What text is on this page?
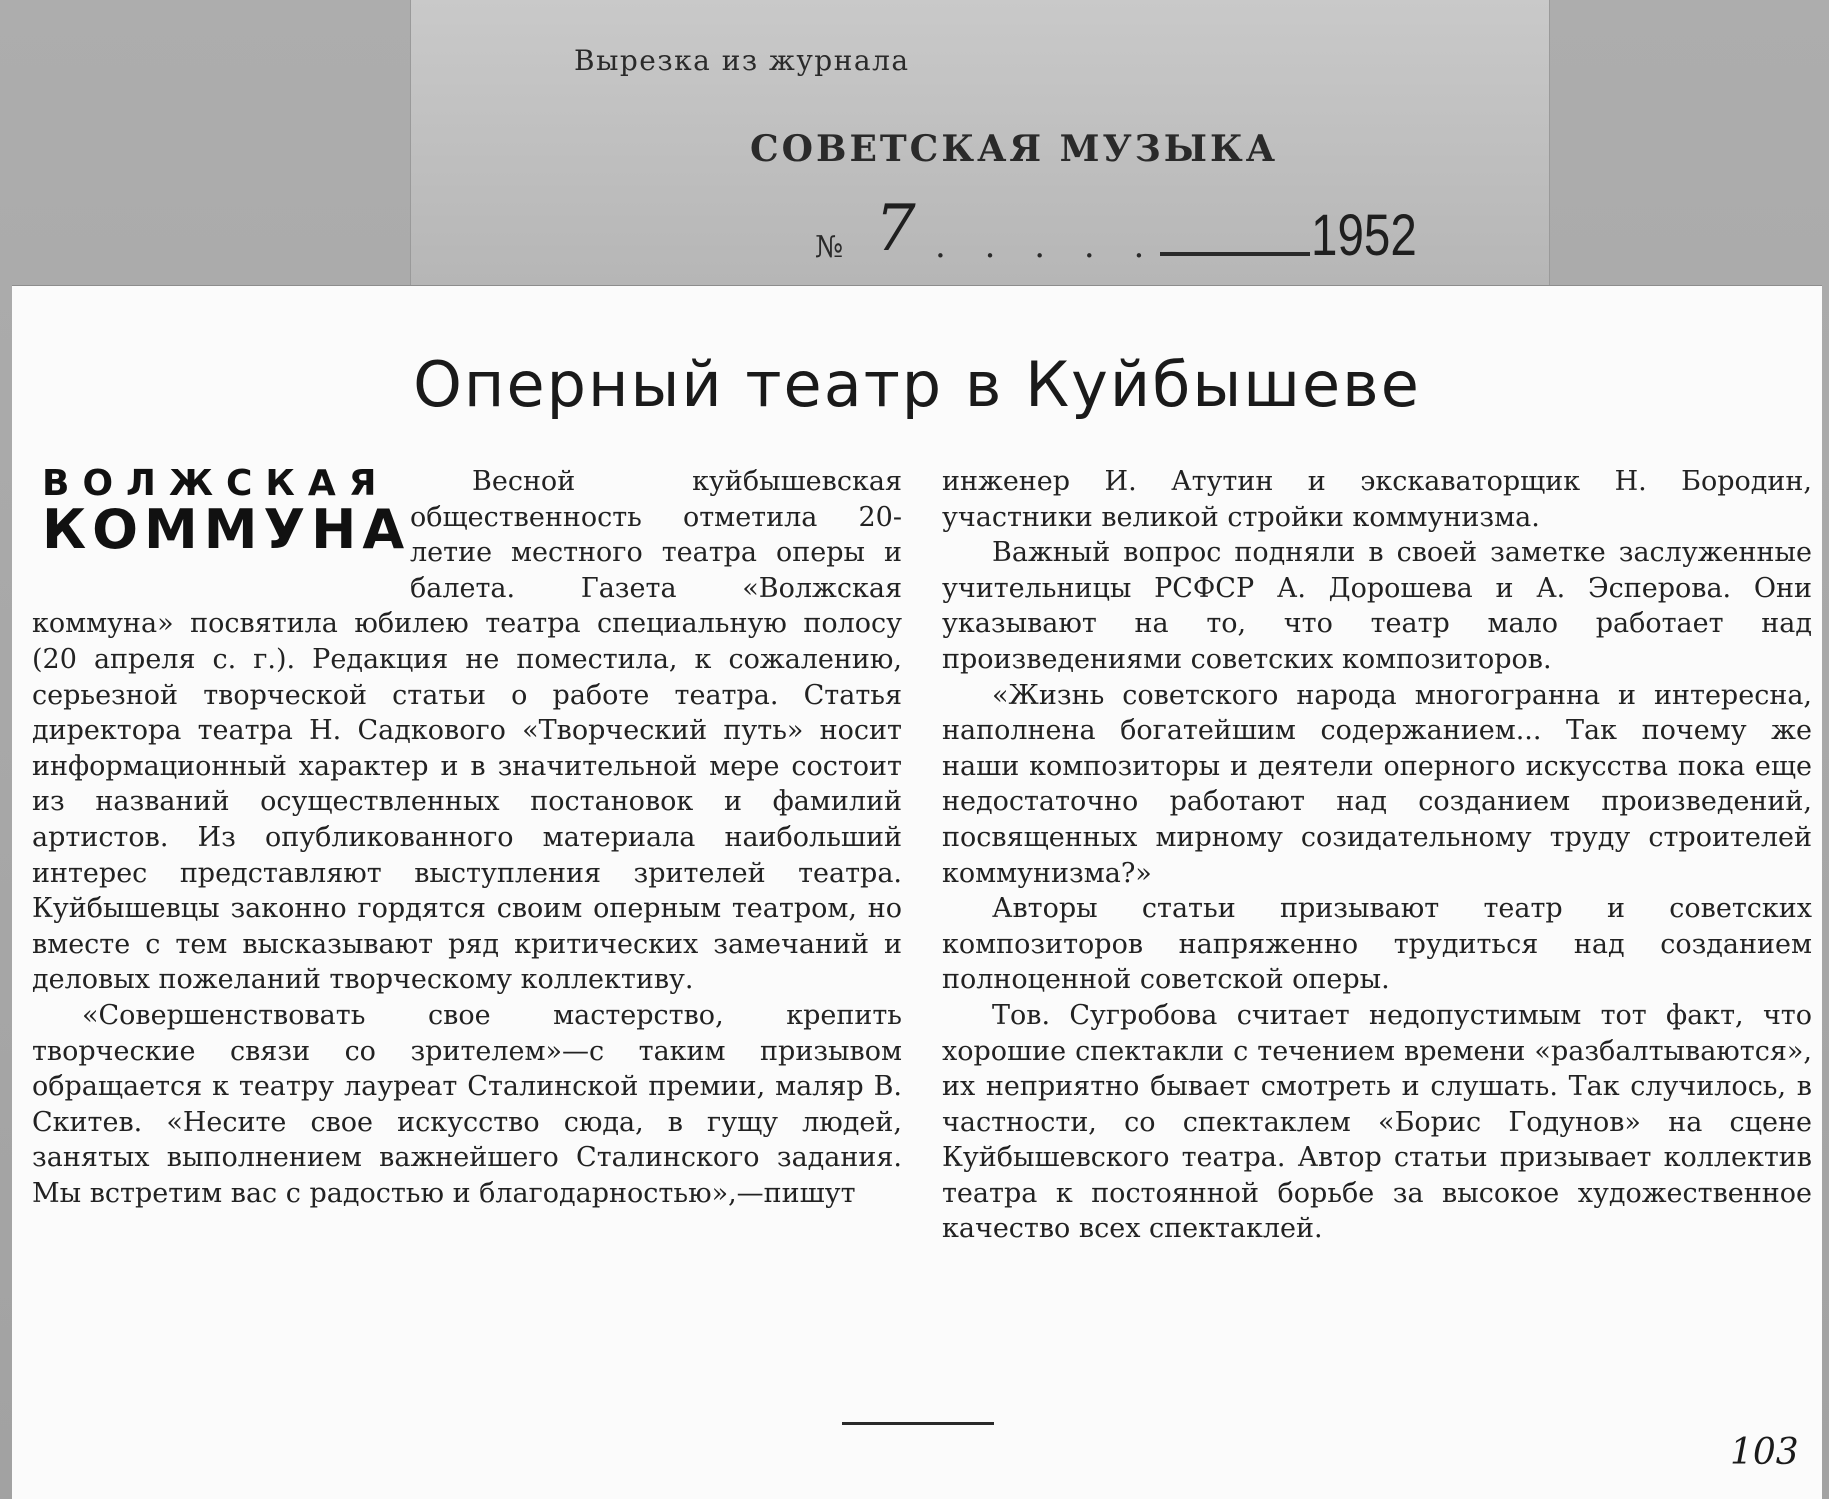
Вырезка из журнала
СОВЕТСКАЯ МУЗЫКА
№ 7 . . . . .	1952
Оперный театр в Куйбышеве
ВОЛЖСКАЯ
КОММУНА

Весной куйбышевская общественность отметила 20-летие местного театра оперы и балета. Газета «Волжская коммуна» посвятила юбилею театра специальную полосу (20 апреля с. г.). Редакция не поместила, к сожалению, серьезной творческой статьи о работе театра. Статья директора театра Н. Садкового «Творческий путь» носит информационный характер и в значительной мере состоит из названий осуществленных постановок и фамилий артистов. Из опубликованного материала наибольший интерес представляют выступления зрителей театра. Куйбышевцы законно гордятся своим оперным театром, но вместе с тем высказывают ряд критических замечаний и деловых пожеланий творческому коллективу.

«Совершенствовать свое мастерство, крепить творческие связи со зрителем»—с таким призывом обращается к театру лауреат Сталинской премии, маляр В. Скитев. «Несите свое искусство сюда, в гущу людей, занятых выполнением важнейшего Сталинского задания. Мы встретим вас с радостью и благодарностью»,—пишут

инженер И. Атутин и экскаваторщик Н. Бородин, участники великой стройки коммунизма.

Важный вопрос подняли в своей заметке заслуженные учительницы РСФСР А. Дорошева и А. Эсперова. Они указывают на то, что театр мало работает над произведениями советских композиторов.

«Жизнь советского народа многогранна и интересна, наполнена богатейшим содержанием... Так почему же наши композиторы и деятели оперного искусства пока еще недостаточно работают над созданием произведений, посвященных мирному созидательному труду строителей коммунизма?»

Авторы статьи призывают театр и советских композиторов напряженно трудиться над созданием полноценной советской оперы.

Тов. Сугробова считает недопустимым тот факт, что хорошие спектакли с течением времени «разбалтываются», их неприятно бывает смотреть и слушать. Так случилось, в частности, со спектаклем «Борис Годунов» на сцене Куйбышевского театра. Автор статьи призывает коллектив театра к постоянной борьбе за высокое художественное качество всех спектаклей.

103
